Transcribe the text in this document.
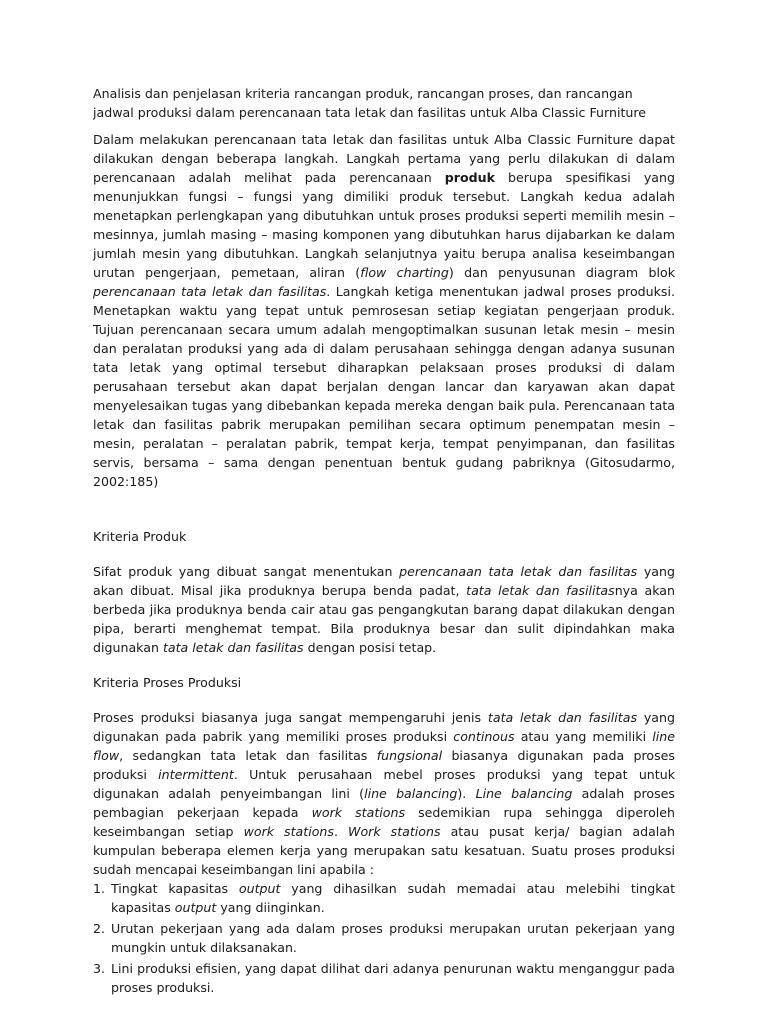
Analisis dan penjelasan kriteria rancangan produk, rancangan proses, dan rancangan jadwal produksi dalam perencanaan tata letak dan fasilitas untuk Alba Classic Furniture

Dalam melakukan perencanaan tata letak dan fasilitas untuk Alba Classic Furniture dapat dilakukan dengan beberapa langkah. Langkah pertama yang perlu dilakukan di dalam perencanaan adalah melihat pada perencanaan produk berupa spesifikasi yang menunjukkan fungsi – fungsi yang dimiliki produk tersebut. Langkah kedua adalah menetapkan perlengkapan yang dibutuhkan untuk proses produksi seperti memilih mesin – mesinnya, jumlah masing – masing komponen yang dibutuhkan harus dijabarkan ke dalam jumlah mesin yang dibutuhkan. Langkah selanjutnya yaitu berupa analisa keseimbangan urutan pengerjaan, pemetaan, aliran (flow charting) dan penyusunan diagram blok perencanaan tata letak dan fasilitas. Langkah ketiga menentukan jadwal proses produksi. Menetapkan waktu yang tepat untuk pemrosesan setiap kegiatan pengerjaan produk. Tujuan perencanaan secara umum adalah mengoptimalkan susunan letak mesin – mesin dan peralatan produksi yang ada di dalam perusahaan sehingga dengan adanya susunan tata letak yang optimal tersebut diharapkan pelaksaan proses produksi di dalam perusahaan tersebut akan dapat berjalan dengan lancar dan karyawan akan dapat menyelesaikan tugas yang dibebankan kepada mereka dengan baik pula. Perencanaan tata letak dan fasilitas pabrik merupakan pemilihan secara optimum penempatan mesin – mesin, peralatan – peralatan pabrik, tempat kerja, tempat penyimpanan, dan fasilitas servis, bersama – sama dengan penentuan bentuk gudang pabriknya (Gitosudarmo, 2002:185)

Kriteria Produk

Sifat produk yang dibuat sangat menentukan perencanaan tata letak dan fasilitas yang akan dibuat. Misal jika produknya berupa benda padat, tata letak dan fasilitasnya akan berbeda jika produknya benda cair atau gas pengangkutan barang dapat dilakukan dengan pipa, berarti menghemat tempat. Bila produknya besar dan sulit dipindahkan maka digunakan tata letak dan fasilitas dengan posisi tetap.

Kriteria Proses Produksi

Proses produksi biasanya juga sangat mempengaruhi jenis tata letak dan fasilitas yang digunakan pada pabrik yang memiliki proses produksi continous atau yang memiliki line flow, sedangkan tata letak dan fasilitas fungsional biasanya digunakan pada proses produksi intermittent. Untuk perusahaan mebel proses produksi yang tepat untuk digunakan adalah penyeimbangan lini (line balancing). Line balancing adalah proses pembagian pekerjaan kepada work stations sedemikian rupa sehingga diperoleh keseimbangan setiap work stations. Work stations atau pusat kerja/ bagian adalah kumpulan beberapa elemen kerja yang merupakan satu kesatuan. Suatu proses produksi sudah mencapai keseimbangan lini apabila :

1. Tingkat kapasitas output yang dihasilkan sudah memadai atau melebihi tingkat kapasitas output yang diinginkan.
2. Urutan pekerjaan yang ada dalam proses produksi merupakan urutan pekerjaan yang mungkin untuk dilaksanakan.
3. Lini produksi efisien, yang dapat dilihat dari adanya penurunan waktu menganggur pada proses produksi.
